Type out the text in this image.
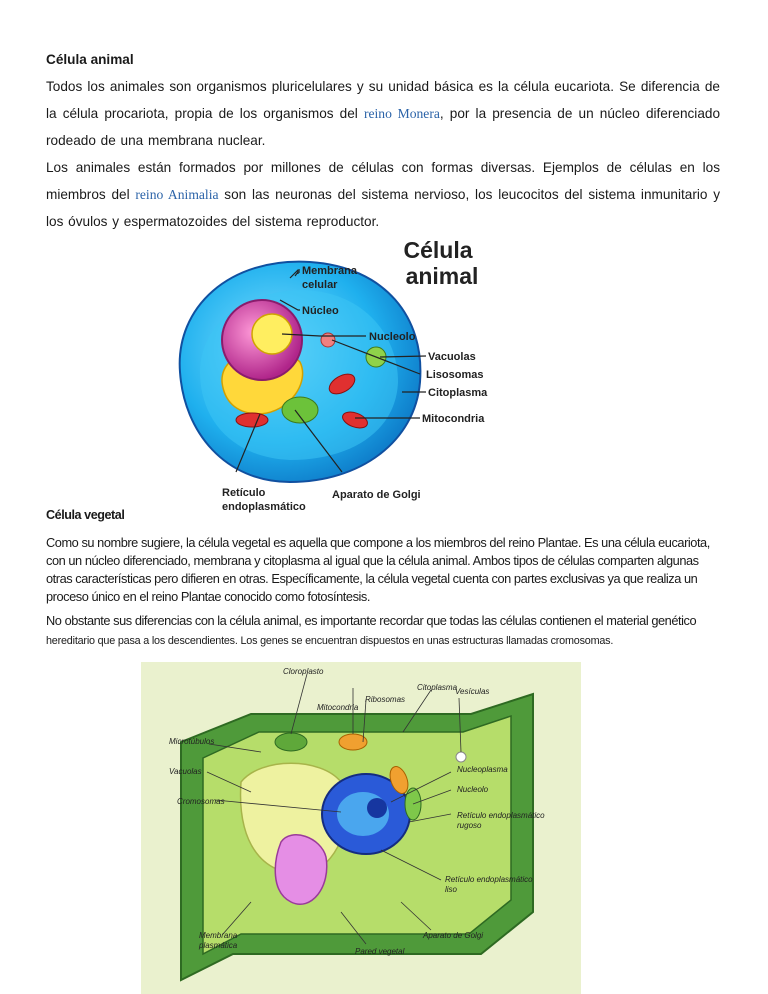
Célula animal

Todos los animales son organismos pluricelulares y su unidad básica es la célula eucariota. Se diferencia de la célula procariota, propia de los organismos del reino Monera, por la presencia de un núcleo diferenciado rodeado de una membrana nuclear.

Los animales están formados por millones de células con formas diversas. Ejemplos de células en los miembros del reino Animalia son las neuronas del sistema nervioso, los leucocitos del sistema inmunitario y los óvulos y espermatozoides del sistema reproductor.

Célula
animal
Membrana
celular
Núcleo
Nucleolo
Vacuolas
Lisosomas
Citoplasma
Mitocondria
Retículo
endoplasmático
Aparato de Golgi
Célula vegetal

Como su nombre sugiere, la célula vegetal es aquella que compone a los miembros del reino Plantae. Es una célula eucariota, con un núcleo diferenciado, membrana y citoplasma al igual que la célula animal. Ambos tipos de células comparten algunas otras características pero difieren en otras. Específicamente, la célula vegetal cuenta con partes exclusivas ya que realiza un proceso único en el reino Plantae conocido como fotosíntesis.

No obstante sus diferencias con la célula animal, es importante recordar que todas las células contienen el material genético hereditario que pasa a los descendientes. Los genes se encuentran dispuestos en unas estructuras llamadas cromosomas.

Cloroplasto
Ribosomas
Citoplasma
Mitocondria
Vesículas
Microtúbulos
Vacuolas	Nucleoplasma
Nucleolo
Cromosomas
Retículo endoplasmático
rugoso
Retículo endoplasmático
liso
Membrana
plasmática
Pared vegetal
Aparato de Golgi
